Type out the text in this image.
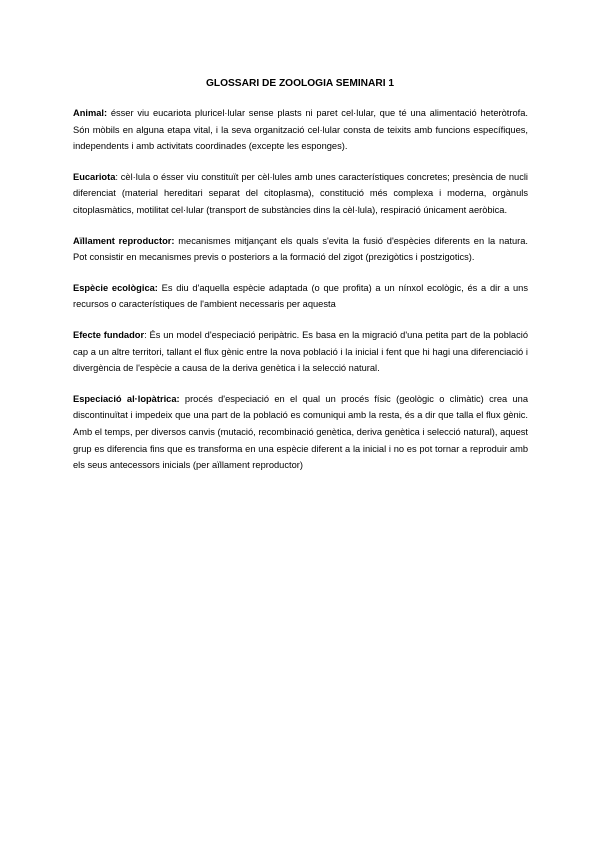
GLOSSARI DE ZOOLOGIA SEMINARI 1

Animal: ésser viu eucariota pluricel·lular sense plasts ni paret cel·lular, que té una alimentació heteròtrofa. Són mòbils en alguna etapa vital, i la seva organització cel·lular consta de teixits amb funcions específiques, independents i amb activitats coordinades (excepte les esponges).

Eucariota: cèl·lula o ésser viu constituït per cèl·lules amb unes característiques concretes; presència de nucli diferenciat (material hereditari separat del citoplasma), constitució més complexa i moderna, orgànuls citoplasmàtics, motilitat cel·lular (transport de substàncies dins la cèl·lula), respiració únicament aeròbica.

Aïllament reproductor: mecanismes mitjançant els quals s'evita la fusió d'espècies diferents en la natura. Pot consistir en mecanismes previs o posteriors a la formació del zigot (prezigòtics i postzigotics).

Espècie ecològica: Es diu d'aquella espècie adaptada (o que profita) a un nínxol ecològic, és a dir a uns recursos o característiques de l'ambient necessaris per aquesta

Efecte fundador: És un model d'especiació peripàtric. Es basa en la migració d'una petita part de la població cap a un altre territori, tallant el flux gènic entre la nova població i la inicial i fent que hi hagi una diferenciació i divergència de l'espècie a causa de la deriva genètica i la selecció natural.

Especiació al·lopàtrica: procés d'especiació en el qual un procés físic (geològic o climàtic) crea una discontinuïtat i impedeix que una part de la població es comuniqui amb la resta, és a dir que talla el flux gènic. Amb el temps, per diversos canvis (mutació, recombinació genètica, deriva genètica i selecció natural), aquest grup es diferencia fins que es transforma en una espècie diferent a la inicial i no es pot tornar a reproduir amb els seus antecessors inicials (per aïllament reproductor)
